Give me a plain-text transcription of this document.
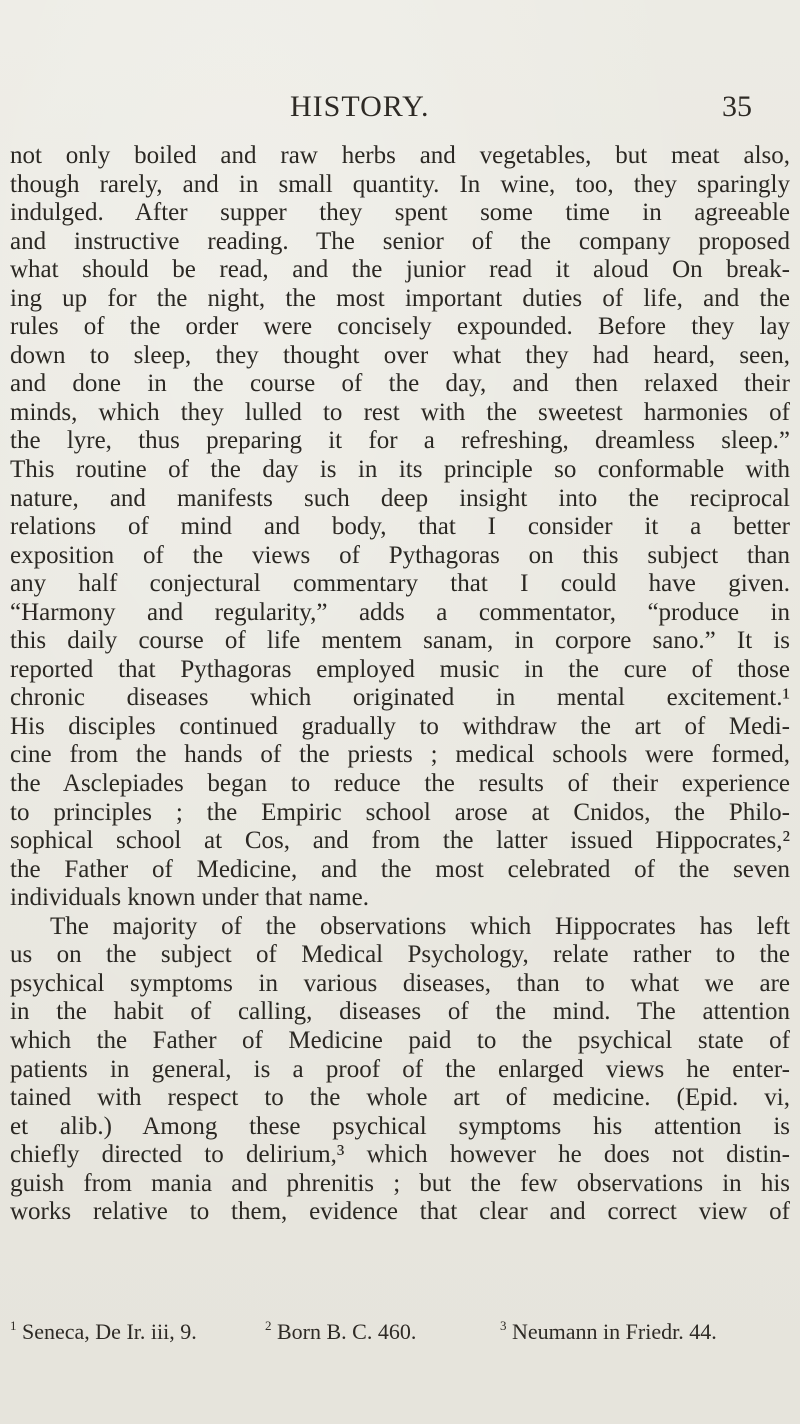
HISTORY.	35
not only boiled and raw herbs and vegetables, but meat also,
though rarely, and in small quantity. In wine, too, they sparingly
indulged. After supper they spent some time in agreeable
and instructive reading. The senior of the company proposed
what should be read, and the junior read it aloud On break-
ing up for the night, the most important duties of life, and the
rules of the order were concisely expounded. Before they lay
down to sleep, they thought over what they had heard, seen,
and done in the course of the day, and then relaxed their
minds, which they lulled to rest with the sweetest harmonies of
the lyre, thus preparing it for a refreshing, dreamless sleep.”
This routine of the day is in its principle so conformable with
nature, and manifests such deep insight into the reciprocal
relations of mind and body, that I consider it a better
exposition of the views of Pythagoras on this subject than
any half conjectural commentary that I could have given.
“Harmony and regularity,” adds a commentator, “produce in
this daily course of life mentem sanam, in corpore sano.” It is
reported that Pythagoras employed music in the cure of those
chronic diseases which originated in mental excitement.¹
His disciples continued gradually to withdraw the art of Medi-
cine from the hands of the priests ; medical schools were formed,
the Asclepiades began to reduce the results of their experience
to principles ; the Empiric school arose at Cnidos, the Philo-
sophical school at Cos, and from the latter issued Hippocrates,²
the Father of Medicine, and the most celebrated of the seven
individuals known under that name.
The majority of the observations which Hippocrates has left
us on the subject of Medical Psychology, relate rather to the
psychical symptoms in various diseases, than to what we are
in the habit of calling, diseases of the mind. The attention
which the Father of Medicine paid to the psychical state of
patients in general, is a proof of the enlarged views he enter-
tained with respect to the whole art of medicine. (Epid. vi,
et alib.) Among these psychical symptoms his attention is
chiefly directed to delirium,³ which however he does not distin-
guish from mania and phrenitis ; but the few observations in his
works relative to them, evidence that clear and correct view of
$^1$ Seneca, De Ir. iii, 9.	$^2$ Born B. C. 460.	$^3$ Neumann in Friedr. 44.
